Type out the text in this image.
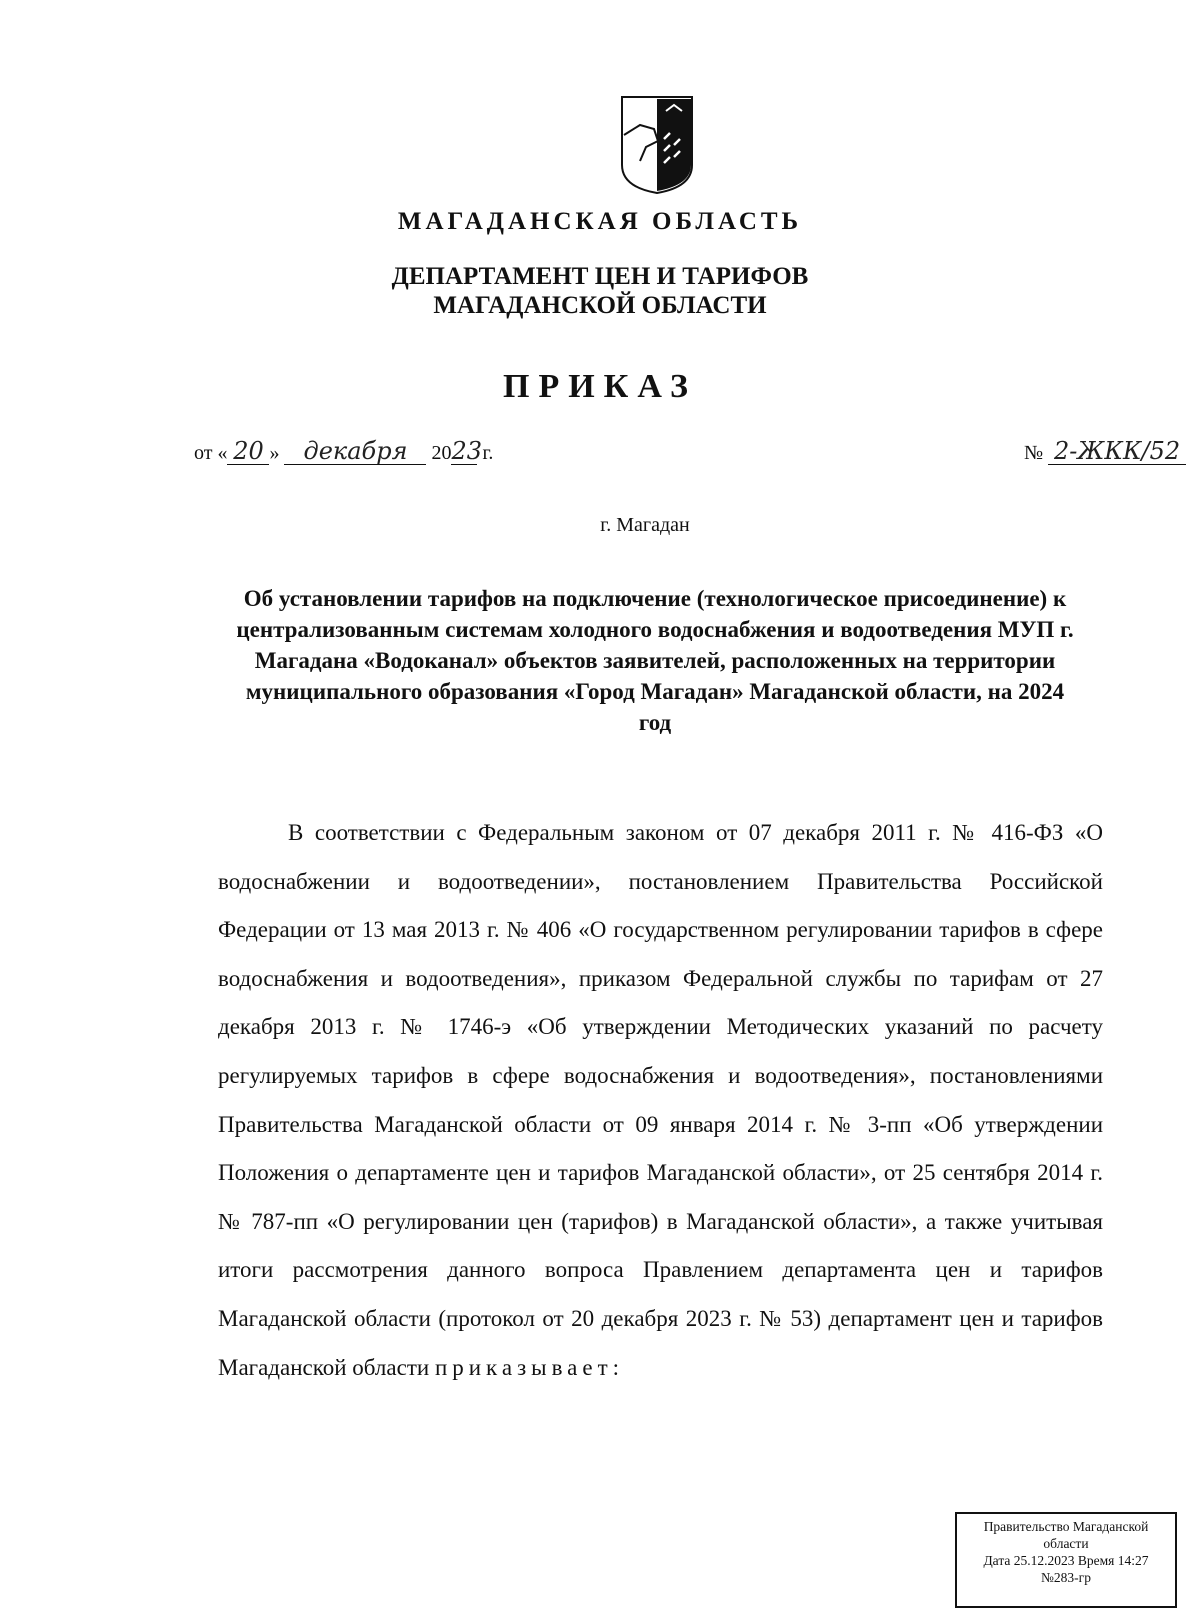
МАГАДАНСКАЯ ОБЛАСТЬ
ДЕПАРТАМЕНТ ЦЕН И ТАРИФОВ
МАГАДАНСКОЙ ОБЛАСТИ
ПРИКАЗ
от « 20 » декабря 2023 г.	№ 2-ЖКК/52
г. Магадан
Об установлении тарифов на подключение (технологическое присоединение) к централизованным системам холодного водоснабжения и водоотведения МУП г. Магадана «Водоканал» объектов заявителей, расположенных на территории муниципального образования «Город Магадан» Магаданской области, на 2024 год
В соответствии с Федеральным законом от 07 декабря 2011 г. № 416-ФЗ «О водоснабжении и водоотведении», постановлением Правительства Российской Федерации от 13 мая 2013 г. № 406 «О государственном регулировании тарифов в сфере водоснабжения и водоотведения», приказом Федеральной службы по тарифам от 27 декабря 2013 г. № 1746-э «Об утверждении Методических указаний по расчету регулируемых тарифов в сфере водоснабжения и водоотведения», постановлениями Правительства Магаданской области от 09 января 2014 г. № 3-пп «Об утверждении Положения о департаменте цен и тарифов Магаданской области», от 25 сентября 2014 г. № 787-пп «О регулировании цен (тарифов) в Магаданской области», а также учитывая итоги рассмотрения данного вопроса Правлением департамента цен и тарифов Магаданской области (протокол от 20 декабря 2023 г. № 53) департамент цен и тарифов Магаданской области приказывает:
Правительство Магаданской
области
Дата 25.12.2023 Время 14:27
№283-гр
